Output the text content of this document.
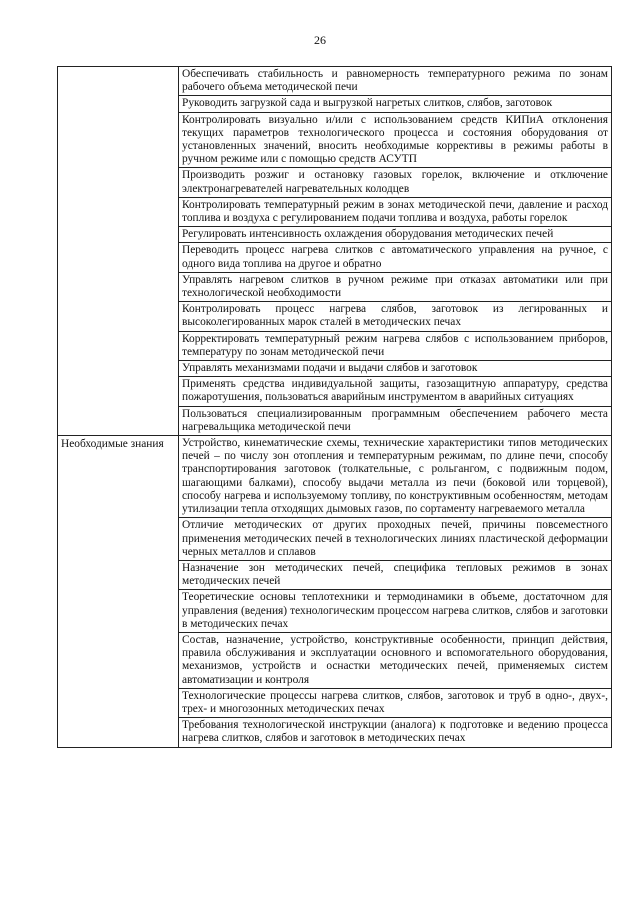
26
	Обеспечивать стабильность и равномерность температурного режима по зонам рабочего объема методической печи
	Руководить загрузкой сада и выгрузкой нагретых слитков, слябов, заготовок
	Контролировать визуально и/или с использованием средств КИПиА отклонения текущих параметров технологического процесса и состояния оборудования от установленных значений, вносить необходимые коррективы в режимы работы в ручном режиме или с помощью средств АСУТП
	Производить розжиг и остановку газовых горелок, включение и отключение электронагревателей нагревательных колодцев
	Контролировать температурный режим в зонах методической печи, давление и расход топлива и воздуха с регулированием подачи топлива и воздуха, работы горелок
	Регулировать интенсивность охлаждения оборудования методических печей
	Переводить процесс нагрева слитков с автоматического управления на ручное, с одного вида топлива на другое и обратно
	Управлять нагревом слитков в ручном режиме при отказах автоматики или при технологической необходимости
	Контролировать процесс нагрева слябов, заготовок из легированных и высоколегированных марок сталей в методических печах
	Корректировать температурный режим нагрева слябов с использованием приборов, температуру по зонам методической печи
	Управлять механизмами подачи и выдачи слябов и заготовок
	Применять средства индивидуальной защиты, газозащитную аппаратуру, средства пожаротушения, пользоваться аварийным инструментом в аварийных ситуациях
	Пользоваться специализированным программным обеспечением рабочего места нагревальщика методической печи
Необходимые знания	Устройство, кинематические схемы, технические характеристики типов методических печей – по числу зон отопления и температурным режимам, по длине печи, способу транспортирования заготовок (толкательные, с рольгангом, с подвижным подом, шагающими балками), способу выдачи металла из печи (боковой или торцевой), способу нагрева и используемому топливу, по конструктивным особенностям, методам утилизации тепла отходящих дымовых газов, по сортаменту нагреваемого металла
	Отличие методических от других проходных печей, причины повсеместного применения методических печей в технологических линиях пластической деформации черных металлов и сплавов
	Назначение зон методических печей, специфика тепловых режимов в зонах методических печей
	Теоретические основы теплотехники и термодинамики в объеме, достаточном для управления (ведения) технологическим процессом нагрева слитков, слябов и заготовки в методических печах
	Состав, назначение, устройство, конструктивные особенности, принцип действия, правила обслуживания и эксплуатации основного и вспомогательного оборудования, механизмов, устройств и оснастки методических печей, применяемых систем автоматизации и контроля
	Технологические процессы нагрева слитков, слябов, заготовок и труб в одно-, двух-, трех- и многозонных методических печах
	Требования технологической инструкции (аналога) к подготовке и ведению процесса нагрева слитков, слябов и заготовок в методических печах
